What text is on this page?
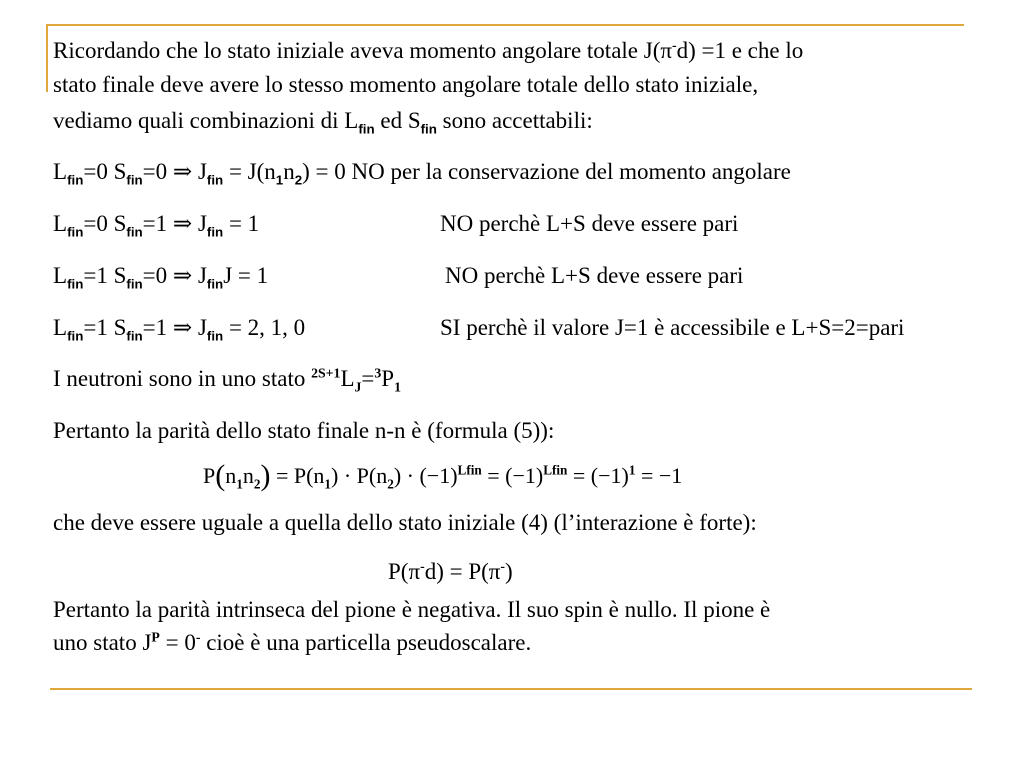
Ricordando che lo stato iniziale aveva momento angolare totale J(π-d) =1 e che lo
stato finale deve avere lo stesso momento angolare totale dello stato iniziale,
vediamo quali combinazioni di $L_{fin}$ ed $S_{fin}$ sono accettabili:
$L_{fin}=0$ $S_{fin}=0$ ⇒ $J_{fin} = J(n_1n_2) = 0$ NO per la conservazione del momento angolare
$L_{fin}=0$ $S_{fin}=1$ ⇒ $J_{fin} = 1$	NO perchè L+S deve essere pari
$L_{fin}=1$ $S_{fin}=0$ ⇒ $J_{fin}J = 1$	NO perchè L+S deve essere pari
$L_{fin}=1$ $S_{fin}=1$ ⇒ $J_{fin} = 2$, 1, 0	SI perchè il valore J=1 è accessibile e L+S=2=pari
I neutroni sono in uno stato $^{2S+1}L_J=^3P_1$
Pertanto la parità dello stato finale n-n è (formula (5)):
$P(n_1n_2) = P(n_1) \cdot P(n_2) \cdot (-1)^{Lfin} = (-1)^{Lfin} = (-1)^1 = -1$
che deve essere uguale a quella dello stato iniziale (4) (l’interazione è forte):
P(π-d) = P(π-)
Pertanto la parità intrinseca del pione è negativa. Il suo spin è nullo. Il pione è
uno stato $J^P = 0^-$ cioè è una particella pseudoscalare.
